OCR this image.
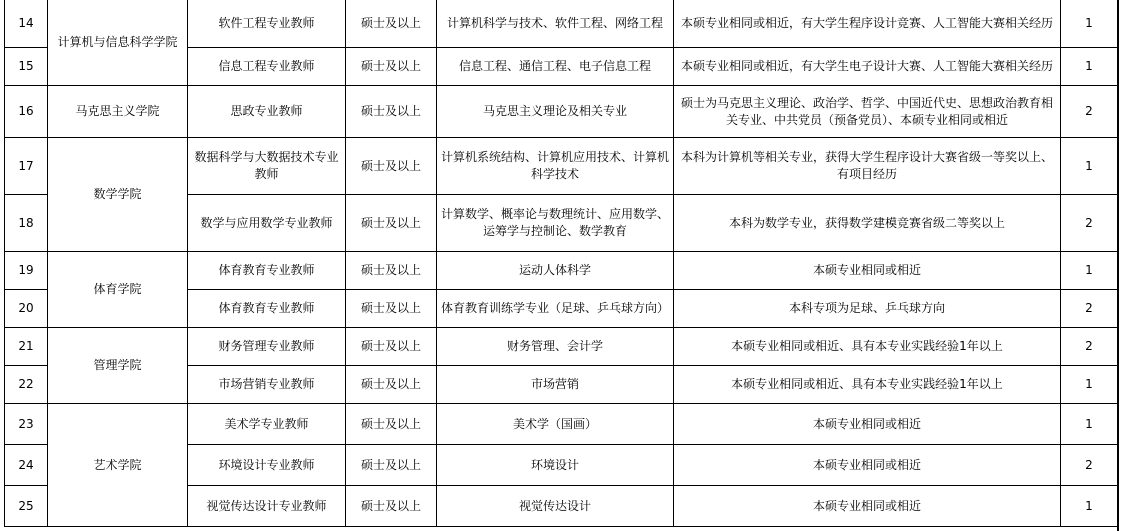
14	计算机与信息科学学院	软件工程专业教师	硕士及以上	计算机科学与技术、软件工程、网络工程	本硕专业相同或相近，有大学生程序设计竞赛、人工智能大赛相关经历	1
15		信息工程专业教师	硕士及以上	信息工程、通信工程、电子信息工程	本硕专业相同或相近，有大学生电子设计大赛、人工智能大赛相关经历	1
16	马克思主义学院	思政专业教师	硕士及以上	马克思主义理论及相关专业	硕士为马克思主义理论、政治学、哲学、中国近代史、思想政治教育相关专业、中共党员（预备党员）、本硕专业相同或相近	2
17	数学学院	数据科学与大数据技术专业教师	硕士及以上	计算机系统结构、计算机应用技术、计算机科学技术	本科为计算机等相关专业，获得大学生程序设计大赛省级一等奖以上、有项目经历	1
18		数学与应用数学专业教师	硕士及以上	计算数学、概率论与数理统计、应用数学、运筹学与控制论、数学教育	本科为数学专业，获得数学建模竞赛省级二等奖以上	2
19	体育学院	体育教育专业教师	硕士及以上	运动人体科学	本硕专业相同或相近	1
20		体育教育专业教师	硕士及以上	体育教育训练学专业（足球、乒乓球方向）	本科专项为足球、乒乓球方向	2
21	管理学院	财务管理专业教师	硕士及以上	财务管理、会计学	本硕专业相同或相近、具有本专业实践经验1年以上	2
22		市场营销专业教师	硕士及以上	市场营销	本硕专业相同或相近、具有本专业实践经验1年以上	1
23	艺术学院	美术学专业教师	硕士及以上	美术学（国画）	本硕专业相同或相近	1
24		环境设计专业教师	硕士及以上	环境设计	本硕专业相同或相近	2
25		视觉传达设计专业教师	硕士及以上	视觉传达设计	本硕专业相同或相近	1
